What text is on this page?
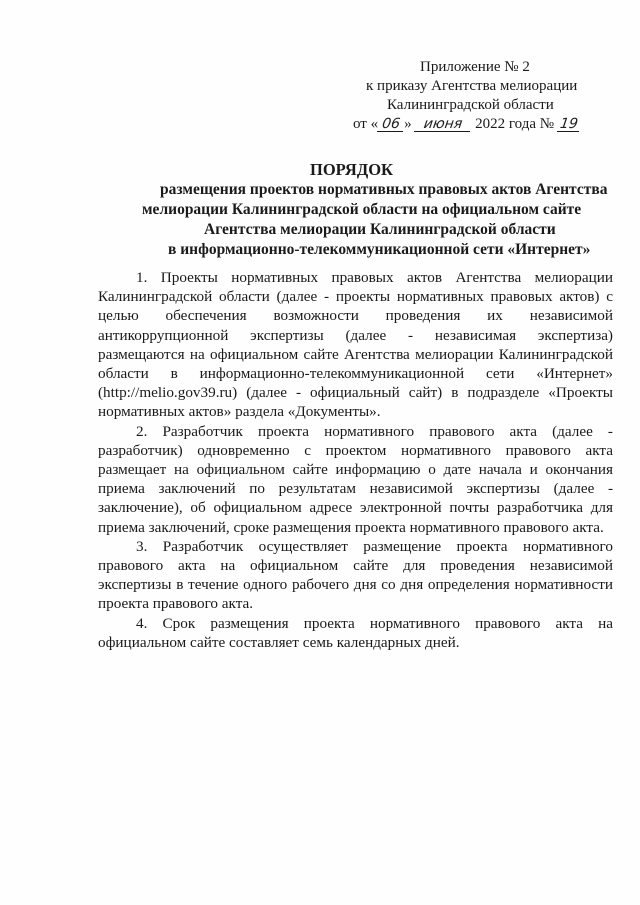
Приложение № 2
к приказу Агентства мелиорации
Калининградской области
от « 06 » июня 2022 года № 19
ПОРЯДОК
размещения проектов нормативных правовых актов Агентства
мелиорации Калининградской области на официальном сайте
Агентства мелиорации Калининградской области
в информационно-телекоммуникационной сети «Интернет»

1. Проекты нормативных правовых актов Агентства мелиорации Калининградской области (далее - проекты нормативных правовых актов) с целью обеспечения возможности проведения их независимой антикоррупционной экспертизы (далее - независимая экспертиза) размещаются на официальном сайте Агентства мелиорации Калининградской области в информационно-телекоммуникационной сети «Интернет» (http://melio.gov39.ru) (далее - официальный сайт) в подразделе «Проекты нормативных актов» раздела «Документы».

2. Разработчик проекта нормативного правового акта (далее - разработчик) одновременно с проектом нормативного правового акта размещает на официальном сайте информацию о дате начала и окончания приема заключений по результатам независимой экспертизы (далее - заключение), об официальном адресе электронной почты разработчика для приема заключений, сроке размещения проекта нормативного правового акта.

3. Разработчик осуществляет размещение проекта нормативного правового акта на официальном сайте для проведения независимой экспертизы в течение одного рабочего дня со дня определения нормативности проекта правового акта.

4. Срок размещения проекта нормативного правового акта на официальном сайте составляет семь календарных дней.
